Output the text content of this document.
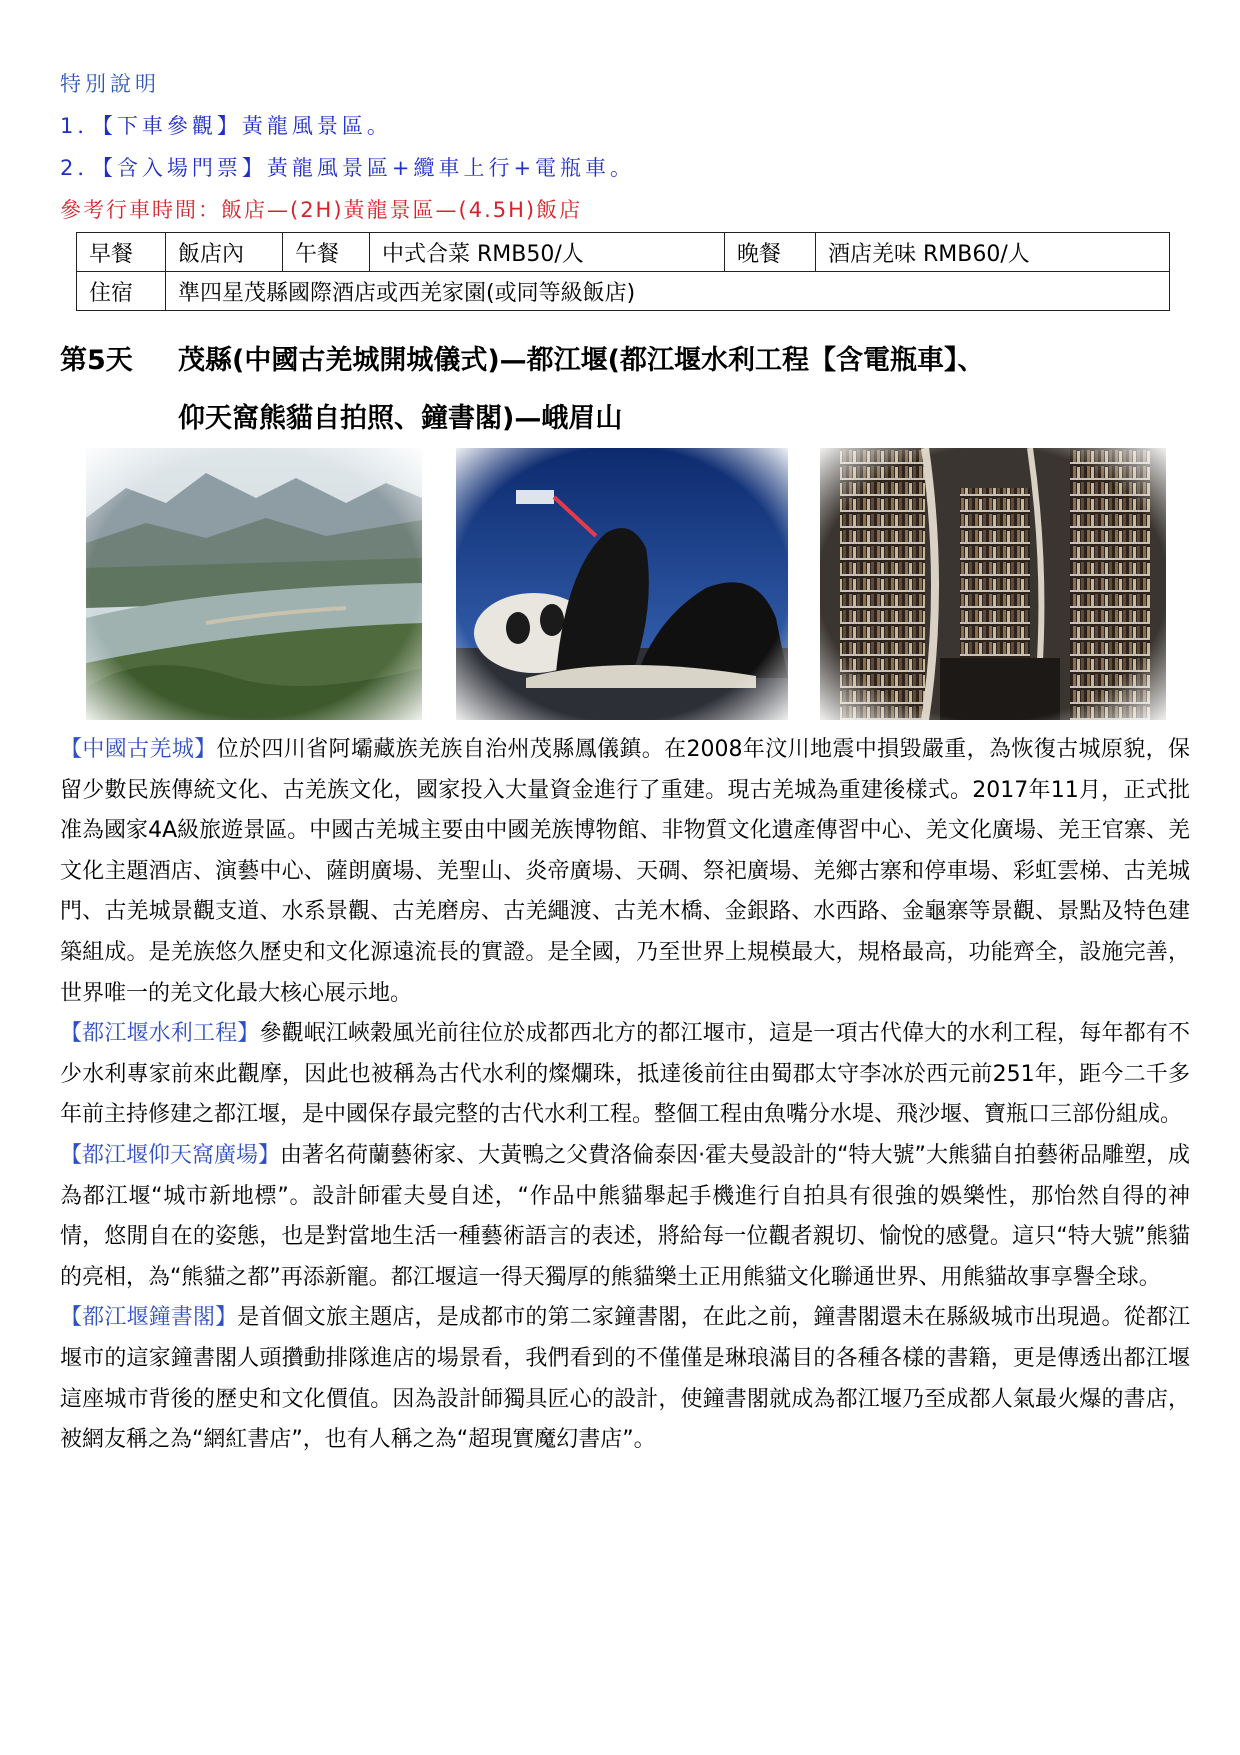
特別說明
1．【下車參觀】黃龍風景區。
2．【含入場門票】黃龍風景區+纜車上行+電瓶車。
參考行車時間：飯店—(2H)黃龍景區—(4.5H)飯店
早餐	飯店內	午餐	中式合菜 RMB50/人	晚餐	酒店羌味 RMB60/人
住宿	準四星茂縣國際酒店或西羌家園(或同等級飯店)				
第5天 茂縣(中國古羌城開城儀式)—都江堰(都江堰水利工程【含電瓶車】、
仰天窩熊貓自拍照、鐘書閣)—峨眉山

【中國古羌城】位於四川省阿壩藏族羌族自治州茂縣鳳儀鎮。在2008年汶川地震中損毀嚴重，為恢復古城原貌，保留少數民族傳統文化、古羌族文化，國家投入大量資金進行了重建。現古羌城為重建後樣式。2017年11月，正式批准為國家4A級旅遊景區。中國古羌城主要由中國羌族博物館、非物質文化遺產傳習中心、羌文化廣場、羌王官寨、羌文化主題酒店、演藝中心、薩朗廣場、羌聖山、炎帝廣場、天碉、祭祀廣場、羌鄉古寨和停車場、彩虹雲梯、古羌城門、古羌城景觀支道、水系景觀、古羌磨房、古羌繩渡、古羌木橋、金銀路、水西路、金龜寨等景觀、景點及特色建築組成。是羌族悠久歷史和文化源遠流長的實證。是全國，乃至世界上規模最大，規格最高，功能齊全，設施完善，世界唯一的羌文化最大核心展示地。

【都江堰水利工程】參觀岷江峽穀風光前往位於成都西北方的都江堰市，這是一項古代偉大的水利工程，每年都有不少水利專家前來此觀摩，因此也被稱為古代水利的燦爛珠，抵達後前往由蜀郡太守李冰於西元前251年，距今二千多年前主持修建之都江堰，是中國保存最完整的古代水利工程。整個工程由魚嘴分水堤、飛沙堰、寶瓶口三部份組成。

【都江堰仰天窩廣場】由著名荷蘭藝術家、大黃鴨之父費洛倫泰因·霍夫曼設計的“特大號”大熊貓自拍藝術品雕塑，成為都江堰“城市新地標”。設計師霍夫曼自述，“作品中熊貓舉起手機進行自拍具有很強的娛樂性，那怡然自得的神情，悠閒自在的姿態，也是對當地生活一種藝術語言的表述，將給每一位觀者親切、愉悅的感覺。這只“特大號”熊貓的亮相，為“熊貓之都”再添新寵。都江堰這一得天獨厚的熊貓樂土正用熊貓文化聯通世界、用熊貓故事享譽全球。

【都江堰鐘書閣】是首個文旅主題店，是成都市的第二家鐘書閣，在此之前，鐘書閣還未在縣級城市出現過。從都江堰市的這家鐘書閣人頭攢動排隊進店的場景看，我們看到的不僅僅是琳琅滿目的各種各樣的書籍，更是傳透出都江堰這座城市背後的歷史和文化價值。因為設計師獨具匠心的設計，使鐘書閣就成為都江堰乃至成都人氣最火爆的書店，被網友稱之為“網紅書店”，也有人稱之為“超現實魔幻書店”。
